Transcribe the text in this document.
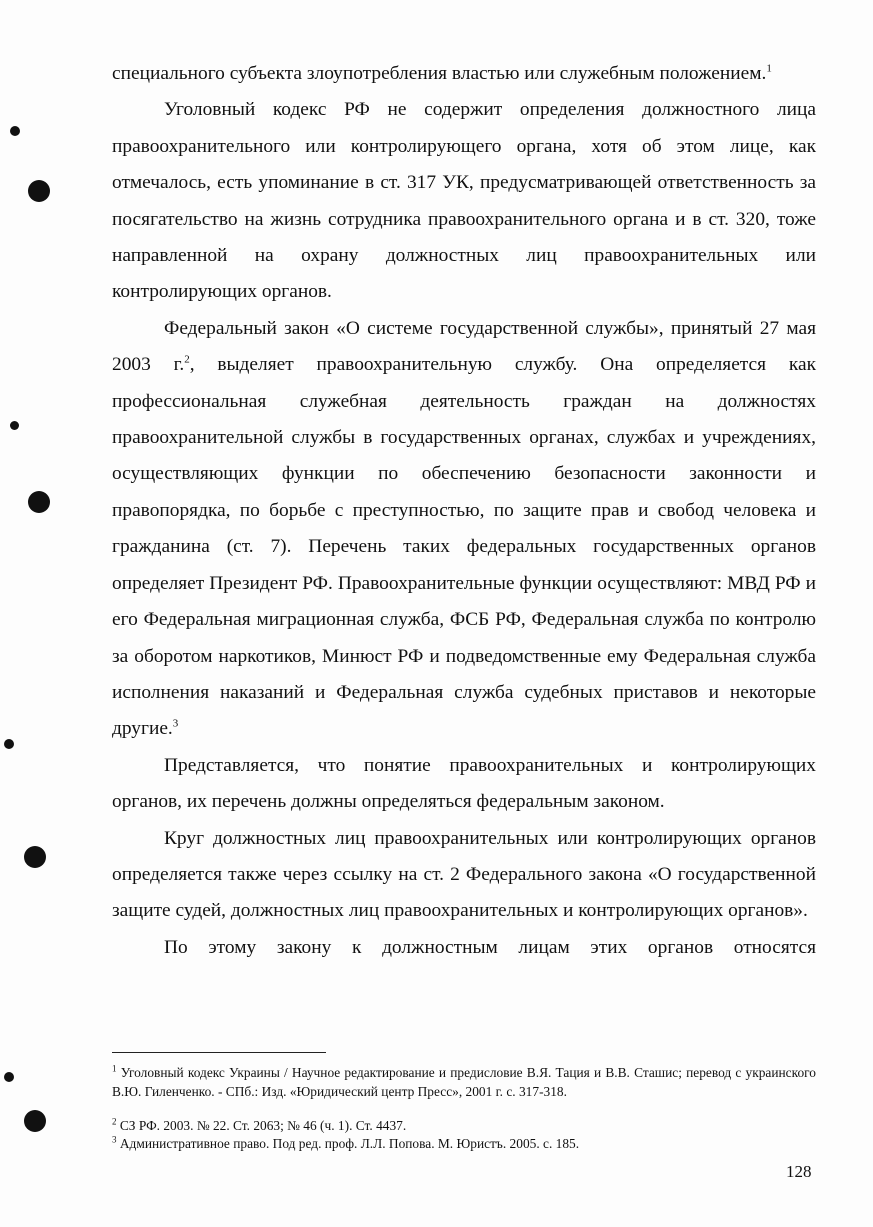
специального субъекта злоупотребления властью или служебным положением.$^1$

Уголовный кодекс РФ не содержит определения должностного лица правоохранительного или контролирующего органа, хотя об этом лице, как отмечалось, есть упоминание в ст. 317 УК, предусматривающей ответственность за посягательство на жизнь сотрудника правоохранительного органа и в ст. 320, тоже направленной на охрану должностных лиц правоохранительных или контролирующих органов.

Федеральный закон «О системе государственной службы», принятый 27 мая 2003 г.$^2$, выделяет правоохранительную службу. Она определяется как профессиональная служебная деятельность граждан на должностях правоохранительной службы в государственных органах, службах и учреждениях, осуществляющих функции по обеспечению безопасности законности и правопорядка, по борьбе с преступностью, по защите прав и свобод человека и гражданина (ст. 7). Перечень таких федеральных государственных органов определяет Президент РФ. Правоохранительные функции осуществляют: МВД РФ и его Федеральная миграционная служба, ФСБ РФ, Федеральная служба по контролю за оборотом наркотиков, Минюст РФ и подведомственные ему Федеральная служба исполнения наказаний и Федеральная служба судебных приставов и некоторые другие.$^3$

Представляется, что понятие правоохранительных и контролирующих органов, их перечень должны определяться федеральным законом.

Круг должностных лиц правоохранительных или контролирующих органов определяется также через ссылку на ст. 2 Федерального закона «О государственной защите судей, должностных лиц правоохранительных и контролирующих органов».

По этому закону к должностным лицам этих органов относятся

$^1$ Уголовный кодекс Украины / Научное редактирование и предисловие В.Я. Тация и В.В. Сташис; перевод с украинского В.Ю. Гиленченко. - СПб.: Изд. «Юридический центр Пресс», 2001 г. с. 317-318.
$^2$ СЗ РФ. 2003. № 22. Ст. 2063; № 46 (ч. 1). Ст. 4437.
$^3$ Административное право. Под ред. проф. Л.Л. Попова. М. Юристъ. 2005. с. 185.
128
